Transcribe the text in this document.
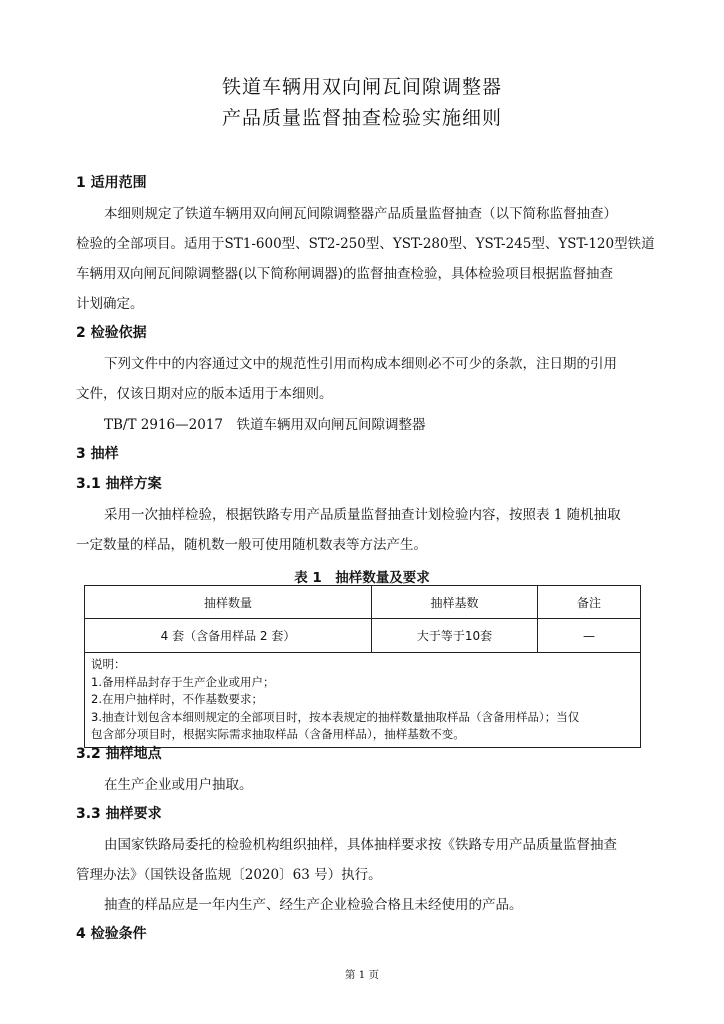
铁道车辆用双向闸瓦间隙调整器
产品质量监督抽查检验实施细则
1 适用范围
本细则规定了铁道车辆用双向闸瓦间隙调整器产品质量监督抽查（以下简称监督抽查）
检验的全部项目。适用于ST1-600型、ST2-250型、YST-280型、YST-245型、YST-120型铁道
车辆用双向闸瓦间隙调整器(以下简称闸调器)的监督抽查检验，具体检验项目根据监督抽查
计划确定。
2 检验依据
下列文件中的内容通过文中的规范性引用而构成本细则必不可少的条款，注日期的引用
文件，仅该日期对应的版本适用于本细则。
TB/T 2916—2017　铁道车辆用双向闸瓦间隙调整器
3 抽样
3.1 抽样方案
采用一次抽样检验，根据铁路专用产品质量监督抽查计划检验内容，按照表 1 随机抽取
一定数量的样品，随机数一般可使用随机数表等方法产生。
表 1　抽样数量及要求
抽样数量	抽样基数	备注
4 套（含备用样品 2 套）	大于等于10套	—

说明：
1.备用样品封存于生产企业或用户；
2.在用户抽样时，不作基数要求；
3.抽查计划包含本细则规定的全部项目时，按本表规定的抽样数量抽取样品（含备用样品）；当仅
包含部分项目时，根据实际需求抽取样品（含备用样品），抽样基数不变。		
3.2 抽样地点
在生产企业或用户抽取。
3.3 抽样要求
由国家铁路局委托的检验机构组织抽样，具体抽样要求按《铁路专用产品质量监督抽查
管理办法》（国铁设备监规〔2020〕63 号）执行。
抽查的样品应是一年内生产、经生产企业检验合格且未经使用的产品。
4 检验条件
第 1 页
